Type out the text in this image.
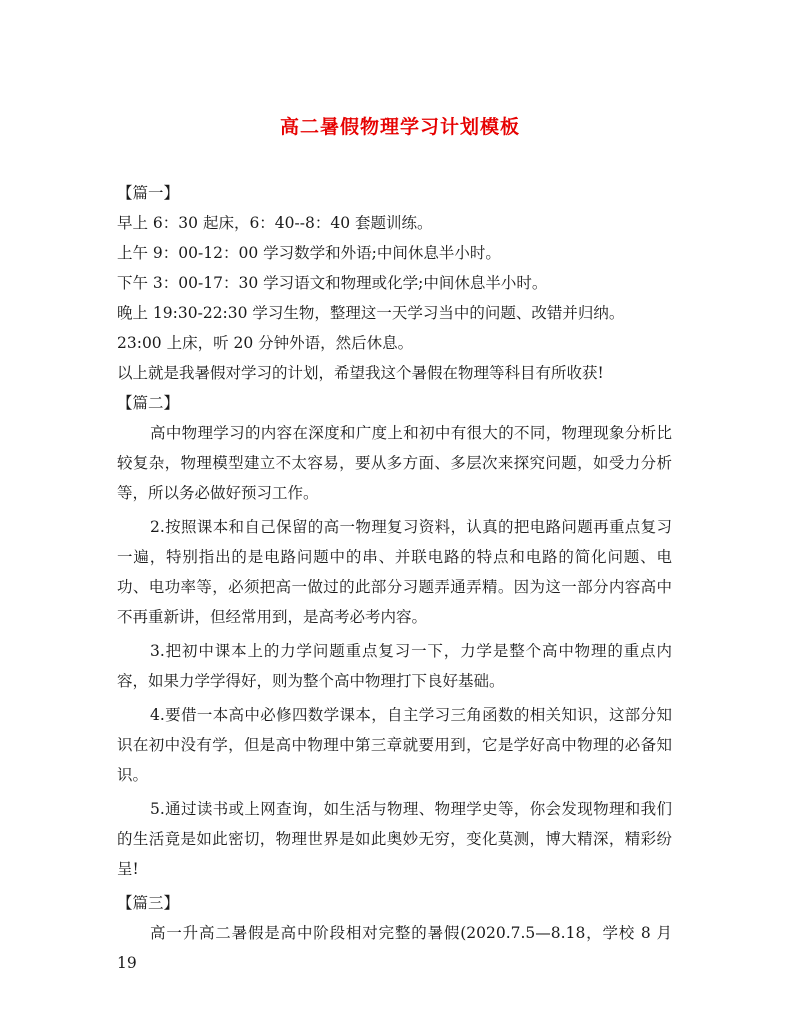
高二暑假物理学习计划模板

【篇一】

早上 6：30 起床，6：40--8：40 套题训练。

上午 9：00-12：00 学习数学和外语;中间休息半小时。

下午 3：00-17：30 学习语文和物理或化学;中间休息半小时。

晚上 19:30-22:30 学习生物，整理这一天学习当中的问题、改错并归纳。

23:00 上床，听 20 分钟外语，然后休息。

以上就是我暑假对学习的计划，希望我这个暑假在物理等科目有所收获!

【篇二】

高中物理学习的内容在深度和广度上和初中有很大的不同，物理现象分析比较复杂，物理模型建立不太容易，要从多方面、多层次来探究问题，如受力分析等，所以务必做好预习工作。

2.按照课本和自己保留的高一物理复习资料，认真的把电路问题再重点复习一遍，特别指出的是电路问题中的串、并联电路的特点和电路的简化问题、电功、电功率等，必须把高一做过的此部分习题弄通弄精。因为这一部分内容高中不再重新讲，但经常用到，是高考必考内容。

3.把初中课本上的力学问题重点复习一下，力学是整个高中物理的重点内容，如果力学学得好，则为整个高中物理打下良好基础。

4.要借一本高中必修四数学课本，自主学习三角函数的相关知识，这部分知识在初中没有学，但是高中物理中第三章就要用到，它是学好高中物理的必备知识。

5.通过读书或上网查询，如生活与物理、物理学史等，你会发现物理和我们的生活竟是如此密切，物理世界是如此奥妙无穷，变化莫测，博大精深，精彩纷呈!

【篇三】

高一升高二暑假是高中阶段相对完整的暑假(2020.7.5—8.18，学校 8 月 19
